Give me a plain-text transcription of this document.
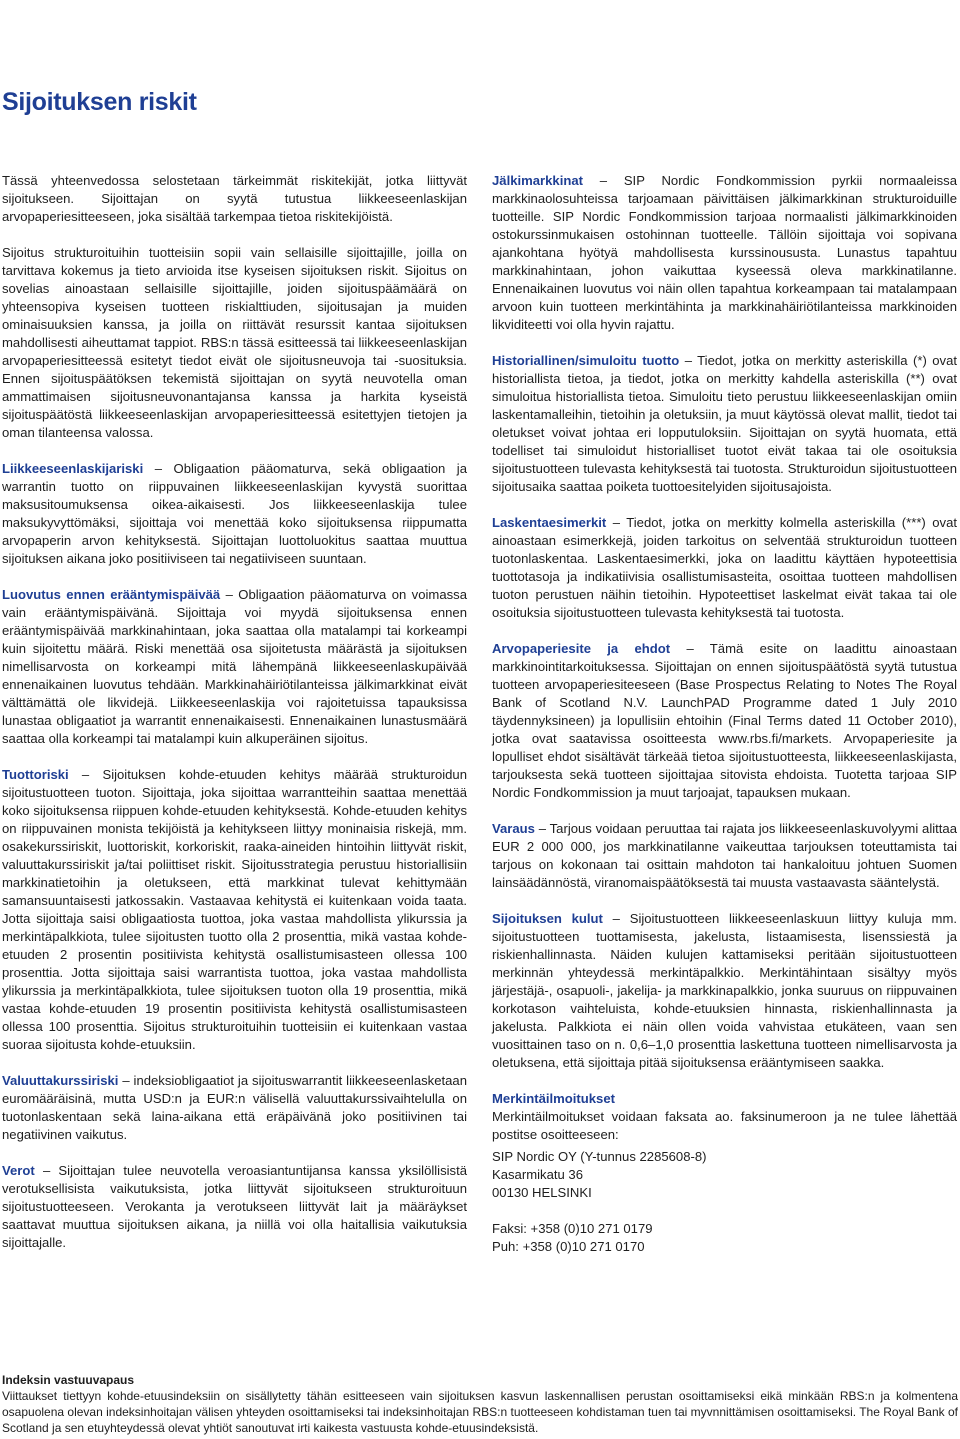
Sijoituksen riskit

Tässä yhteenvedossa selostetaan tärkeimmät riskitekijät, jotka liittyvät sijoitukseen. Sijoittajan on syytä tutustua liikkeeseenlaskijan arvopaperiesitteeseen, joka sisältää tarkempaa tietoa riskitekijöistä.

Sijoitus strukturoituihin tuotteisiin sopii vain sellaisille sijoittajille, joilla on tarvittava kokemus ja tieto arvioida itse kyseisen sijoituksen riskit. Sijoitus on sovelias ainoastaan sellaisille sijoittajille, joiden sijoituspäämäärä on yhteensopiva kyseisen tuotteen riskialttiuden, sijoitusajan ja muiden ominaisuuksien kanssa, ja joilla on riittävät resurssit kantaa sijoituksen mahdollisesti aiheuttamat tappiot. RBS:n tässä esitteessä tai liikkeeseenlaskijan arvopaperiesitteessä esitetyt tiedot eivät ole sijoitusneuvoja tai -suosituksia. Ennen sijoituspäätöksen tekemistä sijoittajan on syytä neuvotella oman ammattimaisen sijoitusneuvonantajansa kanssa ja harkita kyseistä sijoituspäätöstä liikkeeseenlaskijan arvopaperiesitteessä esitettyjen tietojen ja oman tilanteensa valossa.

Liikkeeseenlaskijariski – Obligaation pääomaturva, sekä obligaation ja warrantin tuotto on riippuvainen liikkeeseenlaskijan kyvystä suorittaa maksusitoumuksensa oikea-aikaisesti. Jos liikkeeseenlaskija tulee maksukyvyttömäksi, sijoittaja voi menettää koko sijoituksensa riippumatta arvopaperin arvon kehityksestä. Sijoittajan luottoluokitus saattaa muuttua sijoituksen aikana joko positiiviseen tai negatiiviseen suuntaan.

Luovutus ennen erääntymispäivää – Obligaation pääomaturva on voimassa vain erääntymispäivänä. Sijoittaja voi myydä sijoituksensa ennen erääntymispäivää markkinahintaan, joka saattaa olla matalampi tai korkeampi kuin sijoitettu määrä. Riski menettää osa sijoitetusta määrästä ja sijoituksen nimellisarvosta on korkeampi mitä lähempänä liikkeeseenlaskupäivää ennenaikainen luovutus tehdään. Markkinahäiriötilanteissa jälkimarkkinat eivät välttämättä ole likvidejä. Liikkeeseenlaskija voi rajoitetuissa tapauksissa lunastaa obligaatiot ja warrantit ennenaikaisesti. Ennenaikainen lunastusmäärä saattaa olla korkeampi tai matalampi kuin alkuperäinen sijoitus.

Tuottoriski – Sijoituksen kohde-etuuden kehitys määrää strukturoidun sijoitustuotteen tuoton. Sijoittaja, joka sijoittaa warrantteihin saattaa menettää koko sijoituksensa riippuen kohde-etuuden kehityksestä. Kohde-etuuden kehitys on riippuvainen monista tekijöistä ja kehitykseen liittyy moninaisia riskejä, mm. osakekurssiriskit, luottoriskit, korkoriskit, raaka-aineiden hintoihin liittyvät riskit, valuuttakurssiriskit ja/tai poliittiset riskit. Sijoitusstrategia perustuu historiallisiin markkinatietoihin ja oletukseen, että markkinat tulevat kehittymään samansuuntaisesti jatkossakin. Vastaavaa kehitystä ei kuitenkaan voida taata. Jotta sijoittaja saisi obligaatiosta tuottoa, joka vastaa mahdollista ylikurssia ja merkintäpalkkiota, tulee sijoitusten tuotto olla 2 prosenttia, mikä vastaa kohde-etuuden 2 prosentin positiivista kehitystä osallistumisasteen ollessa 100 prosenttia. Jotta sijoittaja saisi warrantista tuottoa, joka vastaa mahdollista ylikurssia ja merkintäpalkkiota, tulee sijoituksen tuoton olla 19 prosenttia, mikä vastaa kohde-etuuden 19 prosentin positiivista kehitystä osallistumisasteen ollessa 100 prosenttia. Sijoitus strukturoituihin tuotteisiin ei kuitenkaan vastaa suoraa sijoitusta kohde-etuuksiin.

Valuuttakurssiriski – indeksiobligaatiot ja sijoituswarrantit liikkeeseenlasketaan euromääräisinä, mutta USD:n ja EUR:n välisellä valuuttakurssivaihtelulla on tuotonlaskentaan sekä laina-aikana että eräpäivänä joko positiivinen tai negatiivinen vaikutus.

Verot – Sijoittajan tulee neuvotella veroasiantuntijansa kanssa yksilöllisistä verotuksellisista vaikutuksista, jotka liittyvät sijoitukseen strukturoituun sijoitustuotteeseen. Verokanta ja verotukseen liittyvät lait ja määräykset saattavat muuttua sijoituksen aikana, ja niillä voi olla haitallisia vaikutuksia sijoittajalle.

Jälkimarkkinat – SIP Nordic Fondkommission pyrkii normaaleissa markkinaolosuhteissa tarjoamaan päivittäisen jälkimarkkinan strukturoiduille tuotteille. SIP Nordic Fondkommission tarjoaa normaalisti jälkimarkkinoiden ostokurssinmukaisen ostohinnan tuotteelle. Tällöin sijoittaja voi sopivana ajankohtana hyötyä mahdollisesta kurssinoususta. Lunastus tapahtuu markkinahintaan, johon vaikuttaa kyseessä oleva markkinatilanne. Ennenaikainen luovutus voi näin ollen tapahtua korkeampaan tai matalampaan arvoon kuin tuotteen merkintähinta ja markkinahäiriötilanteissa markkinoiden likviditeetti voi olla hyvin rajattu.

Historiallinen/simuloitu tuotto – Tiedot, jotka on merkitty asteriskilla (*) ovat historiallista tietoa, ja tiedot, jotka on merkitty kahdella asteriskilla (**) ovat simuloitua historiallista tietoa. Simuloitu tieto perustuu liikkeeseenlaskijan omiin laskentamalleihin, tietoihin ja oletuksiin, ja muut käytössä olevat mallit, tiedot tai oletukset voivat johtaa eri lopputuloksiin. Sijoittajan on syytä huomata, että todelliset tai simuloidut historialliset tuotot eivät takaa tai ole osoituksia sijoitustuotteen tulevasta kehityksestä tai tuotosta. Strukturoidun sijoitustuotteen sijoitusaika saattaa poiketa tuottoesitelyiden sijoitusajoista.

Laskentaesimerkit – Tiedot, jotka on merkitty kolmella asteriskilla (***) ovat ainoastaan esimerkkejä, joiden tarkoitus on selventää strukturoidun tuotteen tuotonlaskentaa. Laskentaesimerkki, joka on laadittu käyttäen hypoteettisia tuottotasoja ja indikatiivisia osallistumisasteita, osoittaa tuotteen mahdollisen tuoton perustuen näihin tietoihin. Hypoteettiset laskelmat eivät takaa tai ole osoituksia sijoitustuotteen tulevasta kehityksestä tai tuotosta.

Arvopaperiesite ja ehdot – Tämä esite on laadittu ainoastaan markkinointitarkoituksessa. Sijoittajan on ennen sijoituspäätöstä syytä tutustua tuotteen arvopaperiesiteeseen (Base Prospectus Relating to Notes The Royal Bank of Scotland N.V. LaunchPAD Programme dated 1 July 2010 täydennyksineen) ja lopullisiin ehtoihin (Final Terms dated 11 October 2010), jotka ovat saatavissa osoitteesta www.rbs.fi/markets. Arvopaperiesite ja lopulliset ehdot sisältävät tärkeää tietoa sijoitustuotteesta, liikkeeseenlaskijasta, tarjouksesta sekä tuotteen sijoittajaa sitovista ehdoista. Tuotetta tarjoaa SIP Nordic Fondkommission ja muut tarjoajat, tapauksen mukaan.

Varaus – Tarjous voidaan peruuttaa tai rajata jos liikkeeseenlaskuvolyymi alittaa EUR 2 000 000, jos markkinatilanne vaikeuttaa tarjouksen toteuttamista tai tarjous on kokonaan tai osittain mahdoton tai hankaloituu johtuen Suomen lainsäädännöstä, viranomaispäätöksestä tai muusta vastaavasta sääntelystä.

Sijoituksen kulut – Sijoitustuotteen liikkeeseenlaskuun liittyy kuluja mm. sijoitustuotteen tuottamisesta, jakelusta, listaamisesta, lisenssiestä ja riskienhallinnasta. Näiden kulujen kattamiseksi peritään sijoitustuotteen merkinnän yhteydessä merkintäpalkkio. Merkintähintaan sisältyy myös järjestäjä-, osapuoli-, jakelija- ja markkinapalkkio, jonka suuruus on riippuvainen korkotason vaihteluista, kohde-etuuksien hinnasta, riskienhallinnasta ja jakelusta. Palkkiota ei näin ollen voida vahvistaa etukäteen, vaan sen vuosittainen taso on n. 0,6–1,0 prosenttia laskettuna tuotteen nimellisarvosta ja oletuksena, että sijoittaja pitää sijoituksensa erääntymiseen saakka.

Merkintäilmoitukset
Merkintäilmoitukset voidaan faksata ao. faksinumeroon ja ne tulee lähettää postitse osoitteeseen:

SIP Nordic OY (Y-tunnus 2285608-8)
Kasarmikatu 36
00130 HELSINKI
Faksi: +358 (0)10 271 0179
Puh: +358 (0)10 271 0170
Indeksin vastuuvapaus
Viittaukset tiettyyn kohde-etuusindeksiin on sisällytetty tähän esitteeseen vain sijoituksen kasvun laskennallisen perustan osoittamiseksi eikä minkään RBS:n ja kolmentena osapuolena olevan indeksinhoitajan välisen yhteyden osoittamiseksi tai indeksinhoitajan RBS:n tuotteeseen kohdistaman tuen tai myvnnittämisen osoittamiseksi. The Royal Bank of Scotland ja sen etuyhteydessä olevat yhtiöt sanoutuvat irti kaikesta vastuusta kohde-etuusindeksistä.
